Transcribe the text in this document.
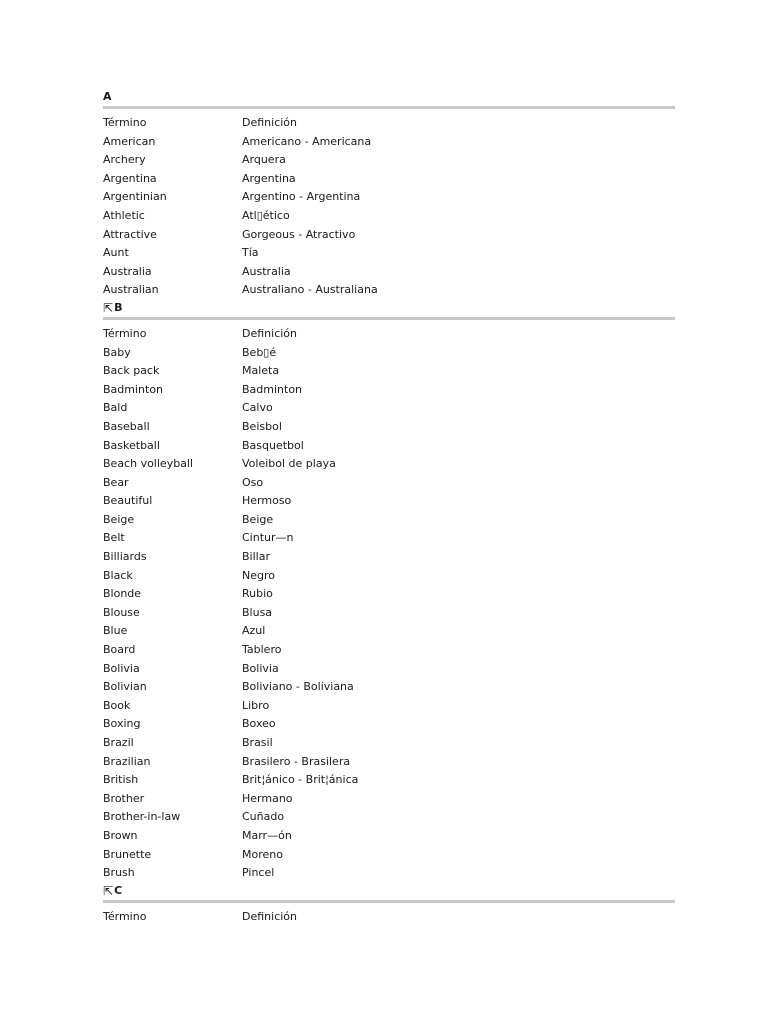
A
Término	Definición
American	Americano - Americana
Archery	Arquera
Argentina	Argentina
Argentinian	Argentino - Argentina
Athletic	Atl▯ético
Attractive	Gorgeous - Atractivo
Aunt	Tía
Australia	Australia
Australian	Australiano - Australiana
⇱ B
Término	Definición
Baby	Beb▯é
Back pack	Maleta
Badminton	Badminton
Bald	Calvo
Baseball	Beisbol
Basketball	Basquetbol
Beach volleyball	Voleibol de playa
Bear	Oso
Beautiful	Hermoso
Beige	Beige
Belt	Cintur—n
Billiards	Billar
Black	Negro
Blonde	Rubio
Blouse	Blusa
Blue	Azul
Board	Tablero
Bolivia	Bolivia
Bolivian	Boliviano - Boliviana
Book	Libro
Boxing	Boxeo
Brazil	Brasil
Brazilian	Brasilero - Brasilera
British	Brit¦ánico - Brit¦ánica
Brother	Hermano
Brother-in-law	Cuñado
Brown	Marr—ón
Brunette	Moreno
Brush	Pincel
⇱ C
Término	Definición
